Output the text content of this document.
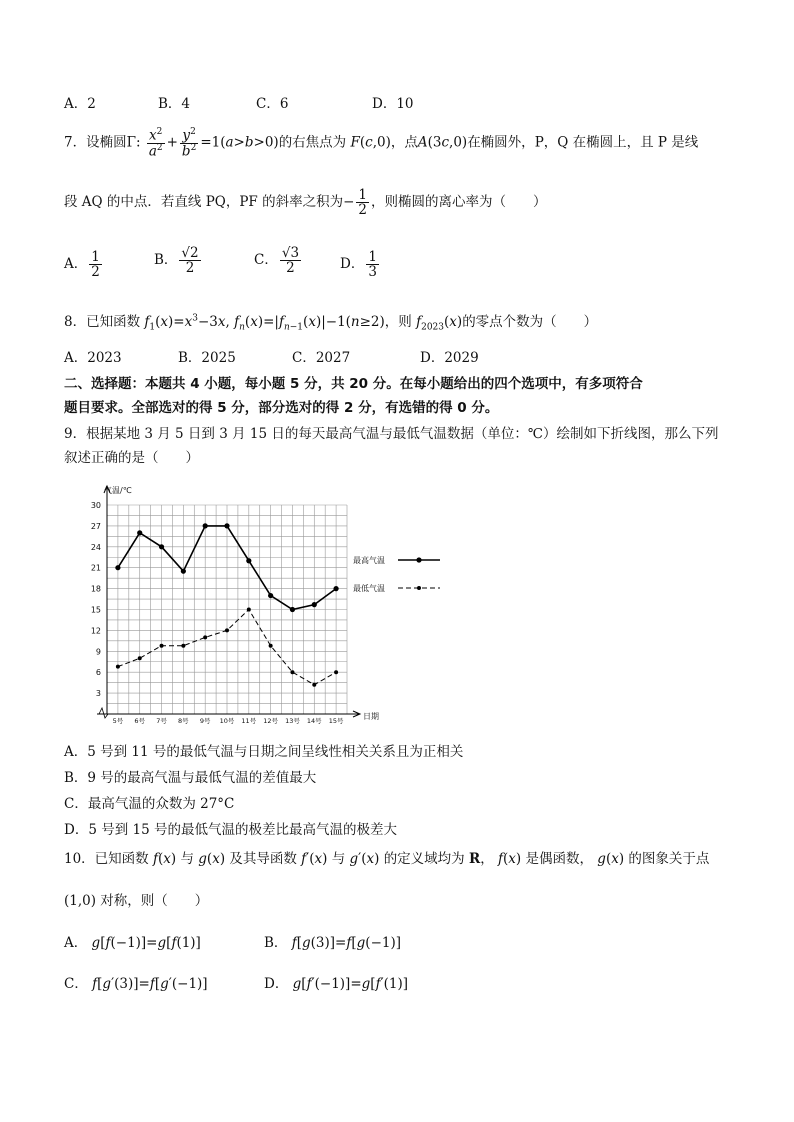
A．2	B．4	C．6	D．10
7．设椭圆Γ: $\frac{x^2}{a^2} + \frac{y^2}{b^2} =1(a>b>0)$的右焦点为 F(c,0)，点A(3c,0)在椭圆外，P，Q 在椭圆上，且 P 是线
段 AQ 的中点．若直线 PQ，PF 的斜率之积为− $\frac{1}{2}$ ，则椭圆的离心率为（　　）
A． $\frac{1}{2}$	B． $\frac{√2}{2}$	C． $\frac{√3}{2}$	D． $\frac{1}{3}$
8．已知函数 $f_1(x)=x^3-3x$, $f_n(x)=|f_{n-1}(x)|-1(n\ge 2)$，则 $f_{2023}(x)$的零点个数为（　　）
A．2023	B．2025	C．2027	D．2029
二、选择题：本题共 4 小题，每小题 5 分，共 20 分。在每小题给出的四个选项中，有多项符合
题目要求。全部选对的得 5 分，部分选对的得 2 分，有选错的得 0 分。
9．根据某地 3 月 5 日到 3 月 15 日的每天最高气温与最低气温数据（单位：℃）绘制如下折线图，那么下列
叙述正确的是（　　）
3
6
9
12
15
18
21
24
27
30
5号 6号 7号 8号 9号 10号 11号 12号 13号 14号 15号
气温/℃
日期
最高气温
最低气温
A．5 号到 11 号的最低气温与日期之间呈线性相关关系且为正相关
B．9 号的最高气温与最低气温的差值最大
C．最高气温的众数为 27°C
D．5 号到 15 号的最低气温的极差比最高气温的极差大
10．已知函数 f(x) 与 g(x) 及其导函数 f′(x) 与 g′(x) 的定义域均为 R， f(x) 是偶函数， g(x) 的图象关于点
(1,0) 对称，则（　　）
A． g[f(−1)]=g[f(1)]	B． f[g(3)]=f[g(−1)]
C． f[g′(3)]=f[g′(−1)]	D． g[f′(−1)]=g[f′(1)]
